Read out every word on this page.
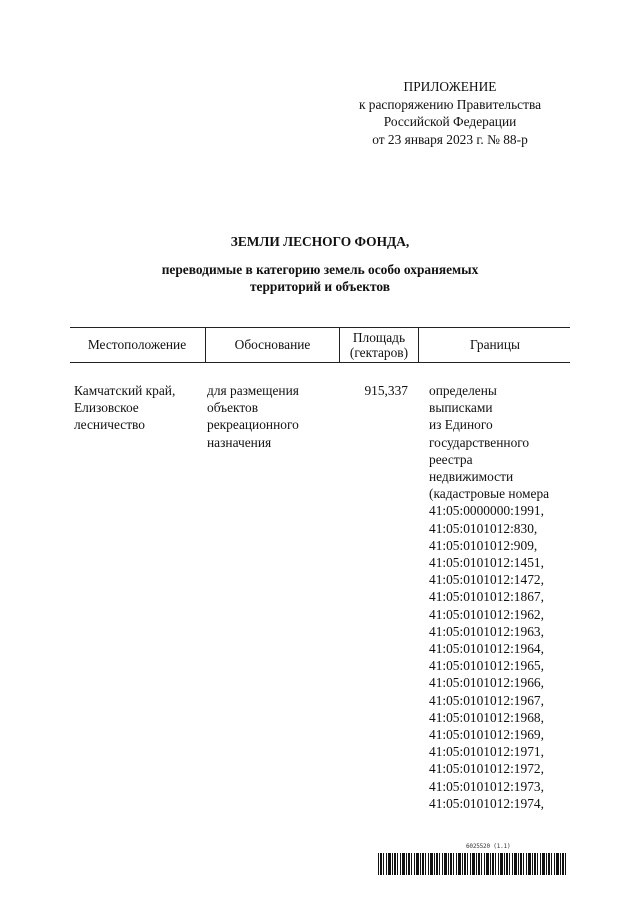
ПРИЛОЖЕНИЕ
к распоряжению Правительства
Российской Федерации
от 23 января 2023 г. № 88-р
ЗЕМЛИ ЛЕСНОГО ФОНДА,
переводимые в категорию земель особо охраняемых
территорий и объектов
Местоположение	Обоснование
Площадь
(гектаров)
Границы
Камчатский край,
Елизовское
лесничество
для размещения
объектов
рекреационного
назначения
915,337 определены
выписками
из Единого
государственного
реестра
недвижимости
(кадастровые номера
41:05:0000000:1991,
41:05:0101012:830,
41:05:0101012:909,
41:05:0101012:1451,
41:05:0101012:1472,
41:05:0101012:1867,
41:05:0101012:1962,
41:05:0101012:1963,
41:05:0101012:1964,
41:05:0101012:1965,
41:05:0101012:1966,
41:05:0101012:1967,
41:05:0101012:1968,
41:05:0101012:1969,
41:05:0101012:1971,
41:05:0101012:1972,
41:05:0101012:1973,
41:05:0101012:1974,
6025520 (1.1)
